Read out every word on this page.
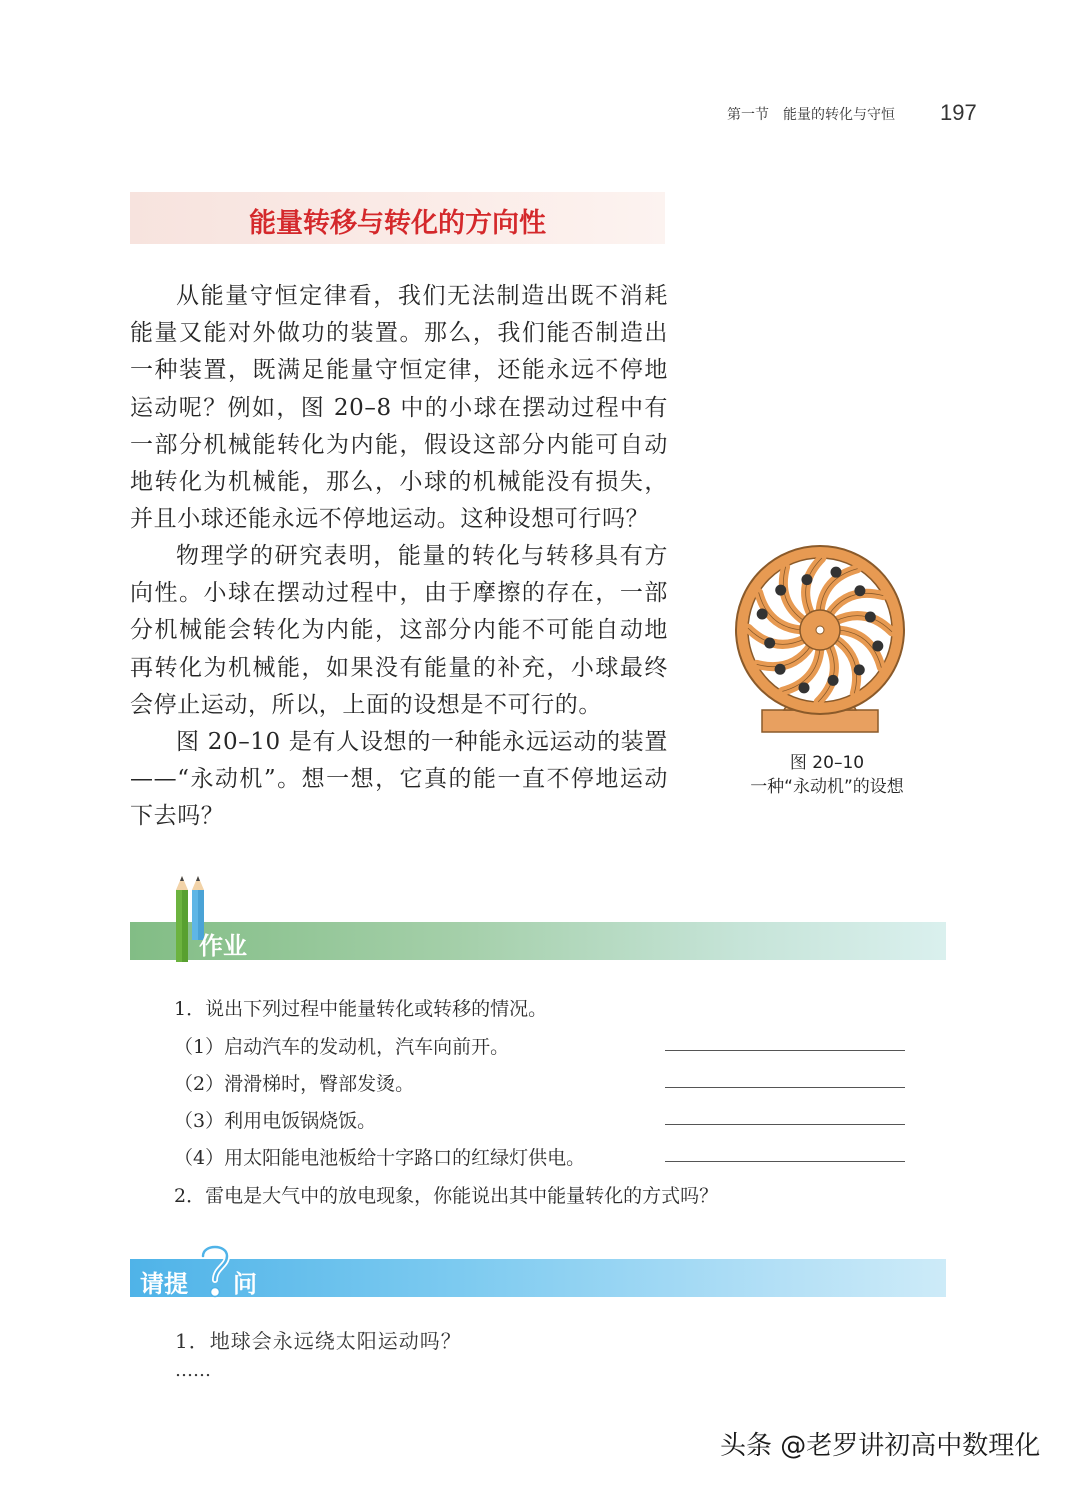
第一节　能量的转化与守恒 197
能量转移与转化的方向性
从能量守恒定律看，我们无法制造出既不消耗能量又能对外做功的装置。那么，我们能否制造出一种装置，既满足能量守恒定律，还能永远不停地运动呢？例如，图 20–8 中的小球在摆动过程中有一部分机械能转化为内能，假设这部分内能可自动地转化为机械能，那么，小球的机械能没有损失，并且小球还能永远不停地运动。这种设想可行吗？
物理学的研究表明，能量的转化与转移具有方向性。小球在摆动过程中，由于摩擦的存在，一部分机械能会转化为内能，这部分内能不可能自动地再转化为机械能，如果没有能量的补充，小球最终会停止运动，所以，上面的设想是不可行的。
图 20–10 是有人设想的一种能永远运动的装置——“永动机”。想一想，它真的能一直不停地运动下去吗？
图 20–10
一种“永动机”的设想
作业
1．说出下列过程中能量转化或转移的情况。
（1）启动汽车的发动机，汽车向前开。
（2）滑滑梯时，臀部发烫。
（3）利用电饭锅烧饭。
（4）用太阳能电池板给十字路口的红绿灯供电。
2．雷电是大气中的放电现象，你能说出其中能量转化的方式吗？
请提 问
1．地球会永远绕太阳运动吗？
……
头条 @老罗讲初高中数理化
